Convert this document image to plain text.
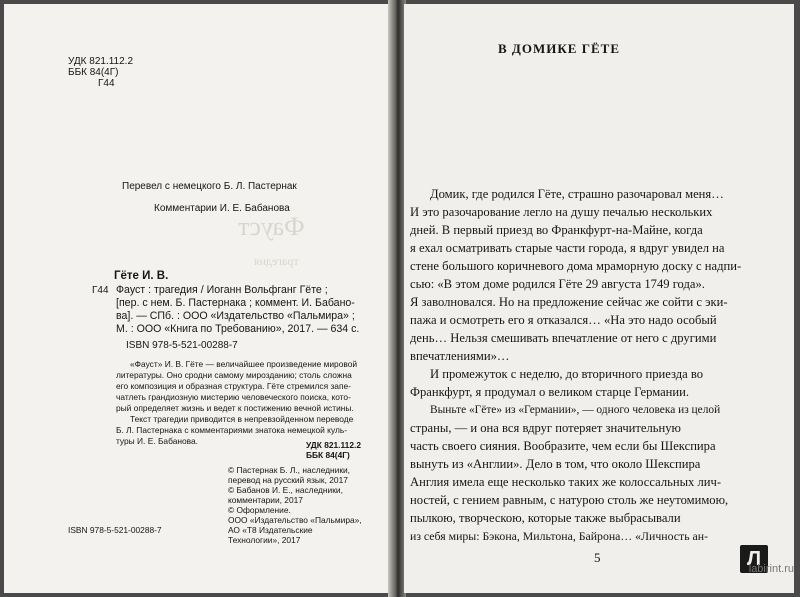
Фауст
трагедия
УДК 821.112.2
ББК 84(4Г)
Г44
Перевел с немецкого Б. Л. Пастернак
Комментарии И. Е. Бабанова
Гёте И. В.
Г44 Фауст : трагедия / Иоганн Вольфганг Гёте ;
[пер. с нем. Б. Пастернака ; коммент. И. Бабано-
ва]. — СПб. : ООО «Издательство «Пальмира» ;
М. : ООО «Книга по Требованию», 2017. — 634 с.
ISBN 978-5-521-00288-7
«Фауст» И. В. Гёте — величайшее произведение мировой
литературы. Оно сродни самому мирозданию; столь сложна
его композиция и образная структура. Гёте стремился запе-
чатлеть грандиозную мистерию человеческого поиска, кото-
рый определяет жизнь и ведет к постижению вечной истины.
Текст трагедии приводится в непревзойденном переводе
Б. Л. Пастернака с комментариями знатока немецкой куль-
туры И. Е. Бабанова.	УДК 821.112.2
ББК 84(4Г)
© Пастернак Б. Л., наследники,
перевод на русский язык, 2017
© Бабанов И. Е., наследники,
комментарии, 2017
© Оформление.
ООО «Издательство «Пальмира»,
АО «Т8 Издательские
Технологии», 2017
ISBN 978-5-521-00288-7
В ДОМИКЕ ГЁТЕ
Домик, где родился Гёте, страшно разочаровал меня…
И это разочарование легло на душу печалью нескольких
дней. В первый приезд во Франкфурт-на-Майне, когда
я ехал осматривать старые части города, я вдруг увидел на
стене большого коричневого дома мраморную доску с надпи-
сью: «В этом доме родился Гёте 29 августа 1749 года».
Я заволновался. Но на предложение сейчас же сойти с эки-
пажа и осмотреть его я отказался… «На это надо особый
день… Нельзя смешивать впечатление от него с другими
впечатлениями»…
И промежуток с неделю, до вторичного приезда во
Франкфурт, я продумал о великом старце Германии.
Выньте «Гёте» из «Германии», — одного человека из целой
страны, — и она вся вдруг потеряет значительную
часть своего сияния. Вообразите, чем если бы Шекспира
вынуть из «Англии». Дело в том, что около Шекспира
Англия имела еще несколько таких же колоссальных лич-
ностей, с гением равным, с натурою столь же неутомимою,
пылкою, творческою, которые также выбрасывали
из себя миры: Бэкона, Мильтона, Байрона… «Личность ан-
5	Л
labirint.ru
